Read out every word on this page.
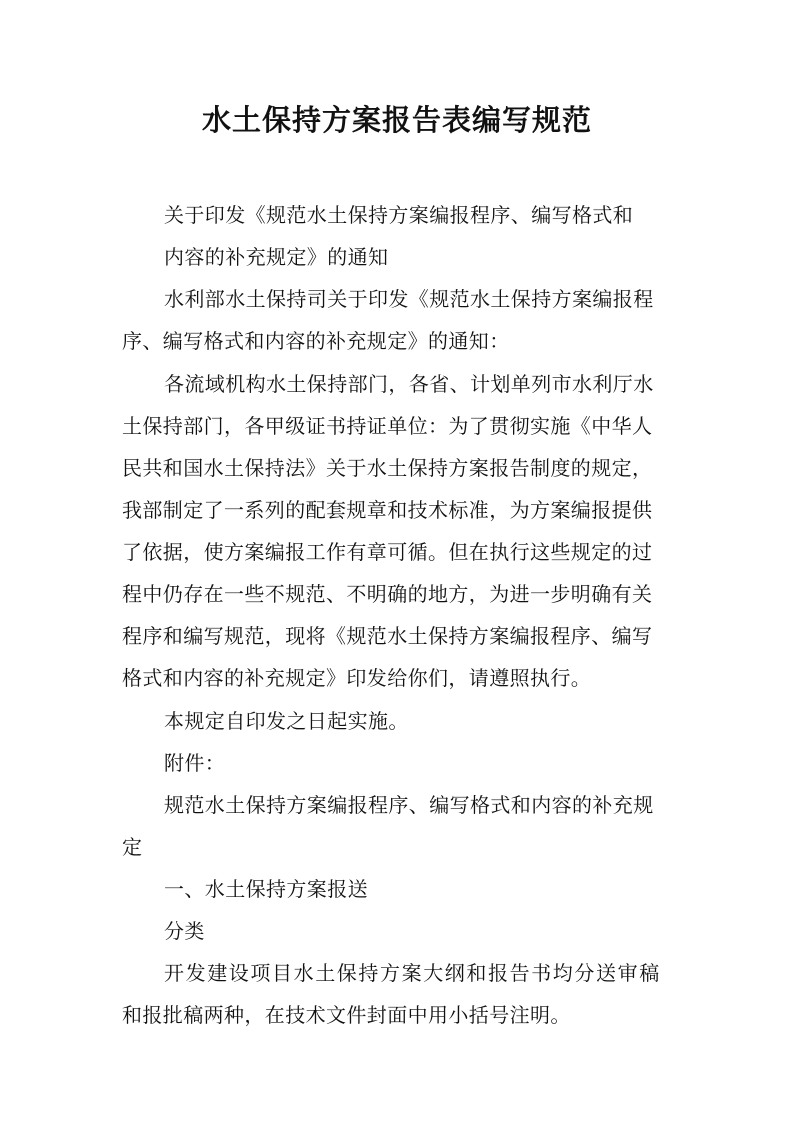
水土保持方案报告表编写规范
关于印发《规范水土保持方案编报程序、编写格式和
内容的补充规定》的通知
水利部水土保持司关于印发《规范水土保持方案编报程
序、编写格式和内容的补充规定》的通知：
各流域机构水土保持部门，各省、计划单列市水利厅水
土保持部门，各甲级证书持证单位：为了贯彻实施《中华人
民共和国水土保持法》关于水土保持方案报告制度的规定，
我部制定了一系列的配套规章和技术标准，为方案编报提供
了依据，使方案编报工作有章可循。但在执行这些规定的过
程中仍存在一些不规范、不明确的地方，为进一步明确有关
程序和编写规范，现将《规范水土保持方案编报程序、编写
格式和内容的补充规定》印发给你们，请遵照执行。
本规定自印发之日起实施。
附件：
规范水土保持方案编报程序、编写格式和内容的补充规
定
一、水土保持方案报送
分类
开发建设项目水土保持方案大纲和报告书均分送审稿
和报批稿两种，在技术文件封面中用小括号注明。
